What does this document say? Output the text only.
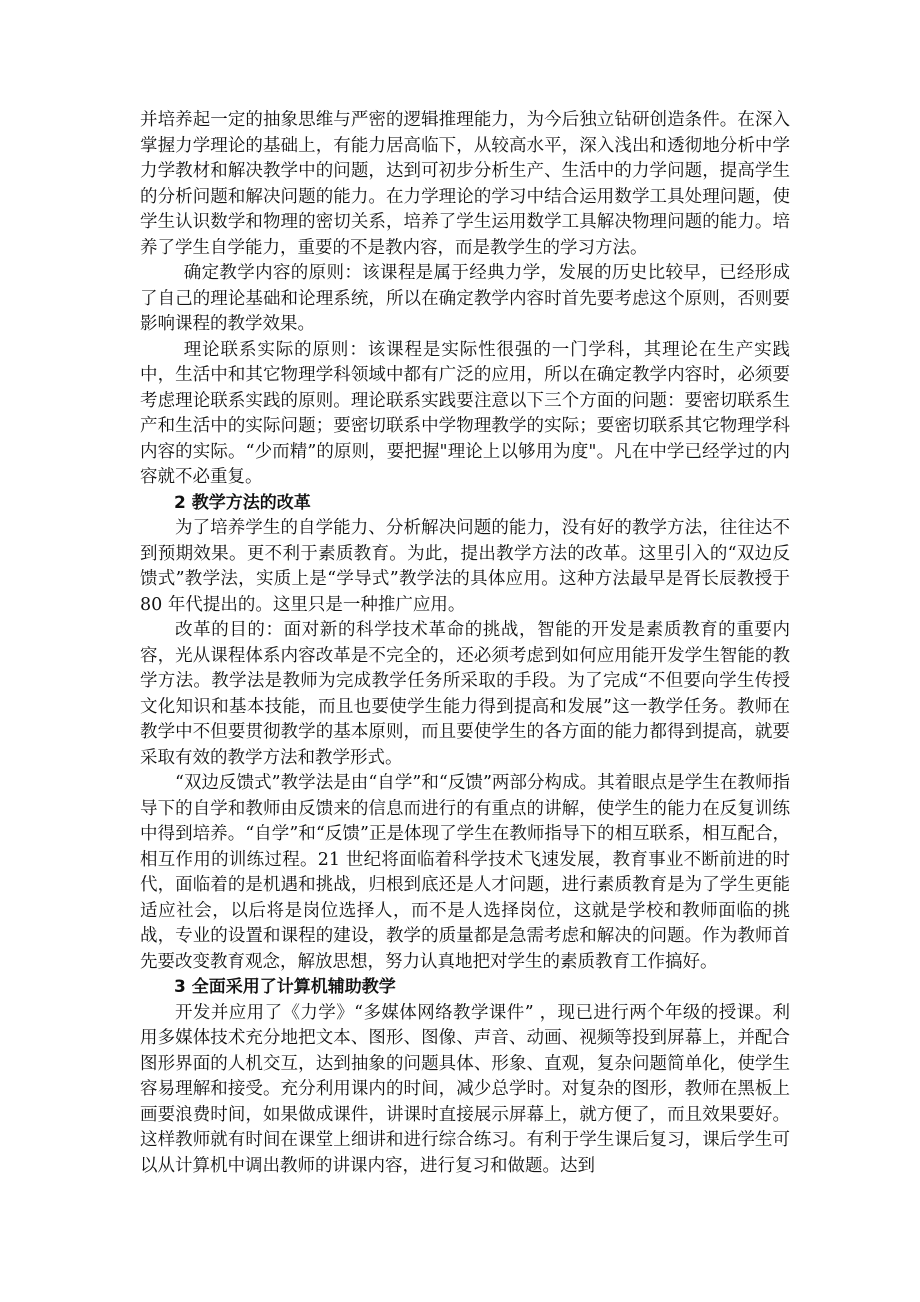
并培养起一定的抽象思维与严密的逻辑推理能力，为今后独立钻研创造条件。在深入掌握力学理论的基础上，有能力居高临下，从较高水平，深入浅出和透彻地分析中学力学教材和解决教学中的问题，达到可初步分析生产、生活中的力学问题，提高学生的分析问题和解决问题的能力。在力学理论的学习中结合运用数学工具处理问题，使学生认识数学和物理的密切关系，培养了学生运用数学工具解决物理问题的能力。培养了学生自学能力，重要的不是教内容，而是教学生的学习方法。

确定教学内容的原则：该课程是属于经典力学，发展的历史比较早，已经形成了自己的理论基础和论理系统，所以在确定教学内容时首先要考虑这个原则，否则要影响课程的教学效果。

理论联系实际的原则：该课程是实际性很强的一门学科，其理论在生产实践中，生活中和其它物理学科领域中都有广泛的应用，所以在确定教学内容时，必须要考虑理论联系实践的原则。理论联系实践要注意以下三个方面的问题：要密切联系生产和生活中的实际问题；要密切联系中学物理教学的实际；要密切联系其它物理学科内容的实际。“少而精”的原则，要把握"理论上以够用为度"。凡在中学已经学过的内容就不必重复。

2 教学方法的改革

为了培养学生的自学能力、分析解决问题的能力，没有好的教学方法，往往达不到预期效果。更不利于素质教育。为此，提出教学方法的改革。这里引入的“双边反馈式”教学法，实质上是“学导式”教学法的具体应用。这种方法最早是胥长辰教授于 80 年代提出的。这里只是一种推广应用。

改革的目的：面对新的科学技术革命的挑战，智能的开发是素质教育的重要内容，光从课程体系内容改革是不完全的，还必须考虑到如何应用能开发学生智能的教学方法。教学法是教师为完成教学任务所采取的手段。为了完成“不但要向学生传授文化知识和基本技能，而且也要使学生能力得到提高和发展”这一教学任务。教师在教学中不但要贯彻教学的基本原则，而且要使学生的各方面的能力都得到提高，就要采取有效的教学方法和教学形式。

“双边反馈式”教学法是由“自学”和“反馈”两部分构成。其着眼点是学生在教师指导下的自学和教师由反馈来的信息而进行的有重点的讲解，使学生的能力在反复训练中得到培养。“自学”和“反馈”正是体现了学生在教师指导下的相互联系，相互配合，相互作用的训练过程。21 世纪将面临着科学技术飞速发展，教育事业不断前进的时代，面临着的是机遇和挑战，归根到底还是人才问题，进行素质教育是为了学生更能适应社会，以后将是岗位选择人，而不是人选择岗位，这就是学校和教师面临的挑战，专业的设置和课程的建设，教学的质量都是急需考虑和解决的问题。作为教师首先要改变教育观念，解放思想，努力认真地把对学生的素质教育工作搞好。

3 全面采用了计算机辅助教学

开发并应用了《力学》“多媒体网络教学课件” ，现已进行两个年级的授课。利用多媒体技术充分地把文本、图形、图像、声音、动画、视频等投到屏幕上，并配合图形界面的人机交互，达到抽象的问题具体、形象、直观，复杂问题简单化，使学生容易理解和接受。充分利用课内的时间，减少总学时。对复杂的图形，教师在黑板上画要浪费时间，如果做成课件，讲课时直接展示屏幕上，就方便了，而且效果要好。这样教师就有时间在课堂上细讲和进行综合练习。有利于学生课后复习，课后学生可以从计算机中调出教师的讲课内容，进行复习和做题。达到
